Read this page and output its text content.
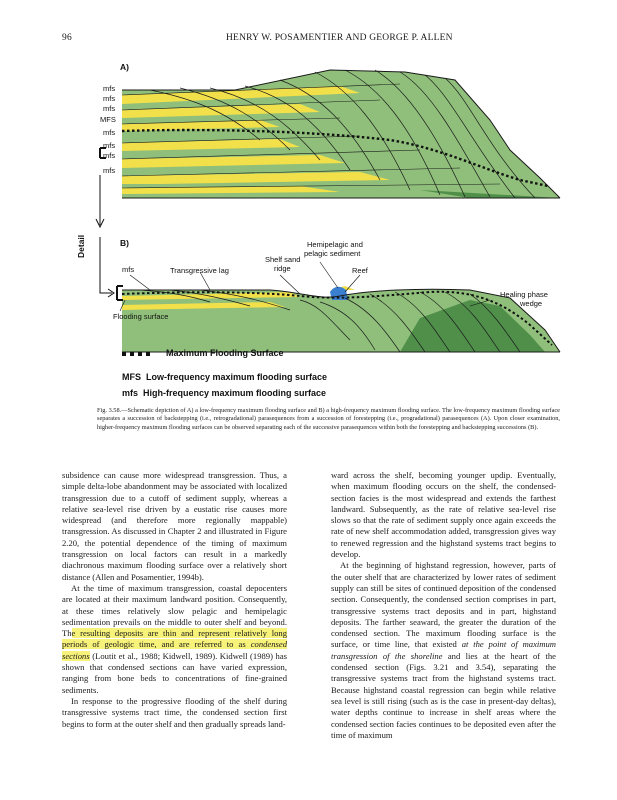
96	HENRY W. POSAMENTIER AND GEORGE P. ALLEN
A)
mfs
mfs
mfs
MFS
mfs
mfs
mfs
mfs
Detail	B)
mfs	Transgressive lag
Shelf sand
ridge
Hemipelagic and
pelagic sediment
Reef
Healing phase
wedge
Flooding surface
Maximum Flooding Surface
MFS Low-frequency maximum flooding surface
mfs High-frequency maximum flooding surface
Fig. 3.58.—Schematic depiction of A) a low-frequency maximum flooding surface and B) a high-frequency maximum flooding surface. The low-frequency maximum flooding surface separates a succession of backstepping (i.e., retrogradational) parasequences from a succession of forestepping (i.e., progradational) parasequences (A). Upon closer examination, higher-frequency maximum flooding surfaces can be observed separating each of the successive parasequences within both the forestepping and backstepping successions (B).

subsidence can cause more widespread transgression. Thus, a simple delta-lobe abandonment may be associated with localized transgression due to a cutoff of sediment supply, whereas a relative sea-level rise driven by a eustatic rise causes more widespread (and therefore more regionally mappable) transgression. As discussed in Chapter 2 and illustrated in Figure 2.20, the potential dependence of the timing of maximum transgression on local factors can result in a markedly diachronous maximum flooding surface over a relatively short distance (Allen and Posamentier, 1994b).

At the time of maximum transgression, coastal depocenters are located at their maximum landward position. Consequently, at these times relatively slow pelagic and hemipelagic sedimentation prevails on the middle to outer shelf and beyond. The resulting deposits are thin and represent relatively long periods of geologic time, and are referred to as condensed sections (Loutit et al., 1988; Kidwell, 1989). Kidwell (1989) has shown that condensed sections can have varied expression, ranging from bone beds to concentrations of fine-grained sediments.

In response to the progressive flooding of the shelf during transgressive systems tract time, the condensed section first begins to form at the outer shelf and then gradually spreads land-

ward across the shelf, becoming younger updip. Eventually, when maximum flooding occurs on the shelf, the condensed-section facies is the most widespread and extends the farthest landward. Subsequently, as the rate of relative sea-level rise slows so that the rate of sediment supply once again exceeds the rate of new shelf accommodation added, transgression gives way to renewed regression and the highstand systems tract begins to develop.

At the beginning of highstand regression, however, parts of the outer shelf that are characterized by lower rates of sediment supply can still be sites of continued deposition of the condensed section. Consequently, the condensed section comprises in part, transgressive systems tract deposits and in part, highstand deposits. The farther seaward, the greater the duration of the condensed section. The maximum flooding surface is the surface, or time line, that existed at the point of maximum transgression of the shoreline and lies at the heart of the condensed section (Figs. 3.21 and 3.54), separating the transgressive systems tract from the highstand systems tract. Because highstand coastal regression can begin while relative sea level is still rising (such as is the case in present-day deltas), water depths continue to increase in shelf areas where the condensed section facies continues to be deposited even after the time of maximum
